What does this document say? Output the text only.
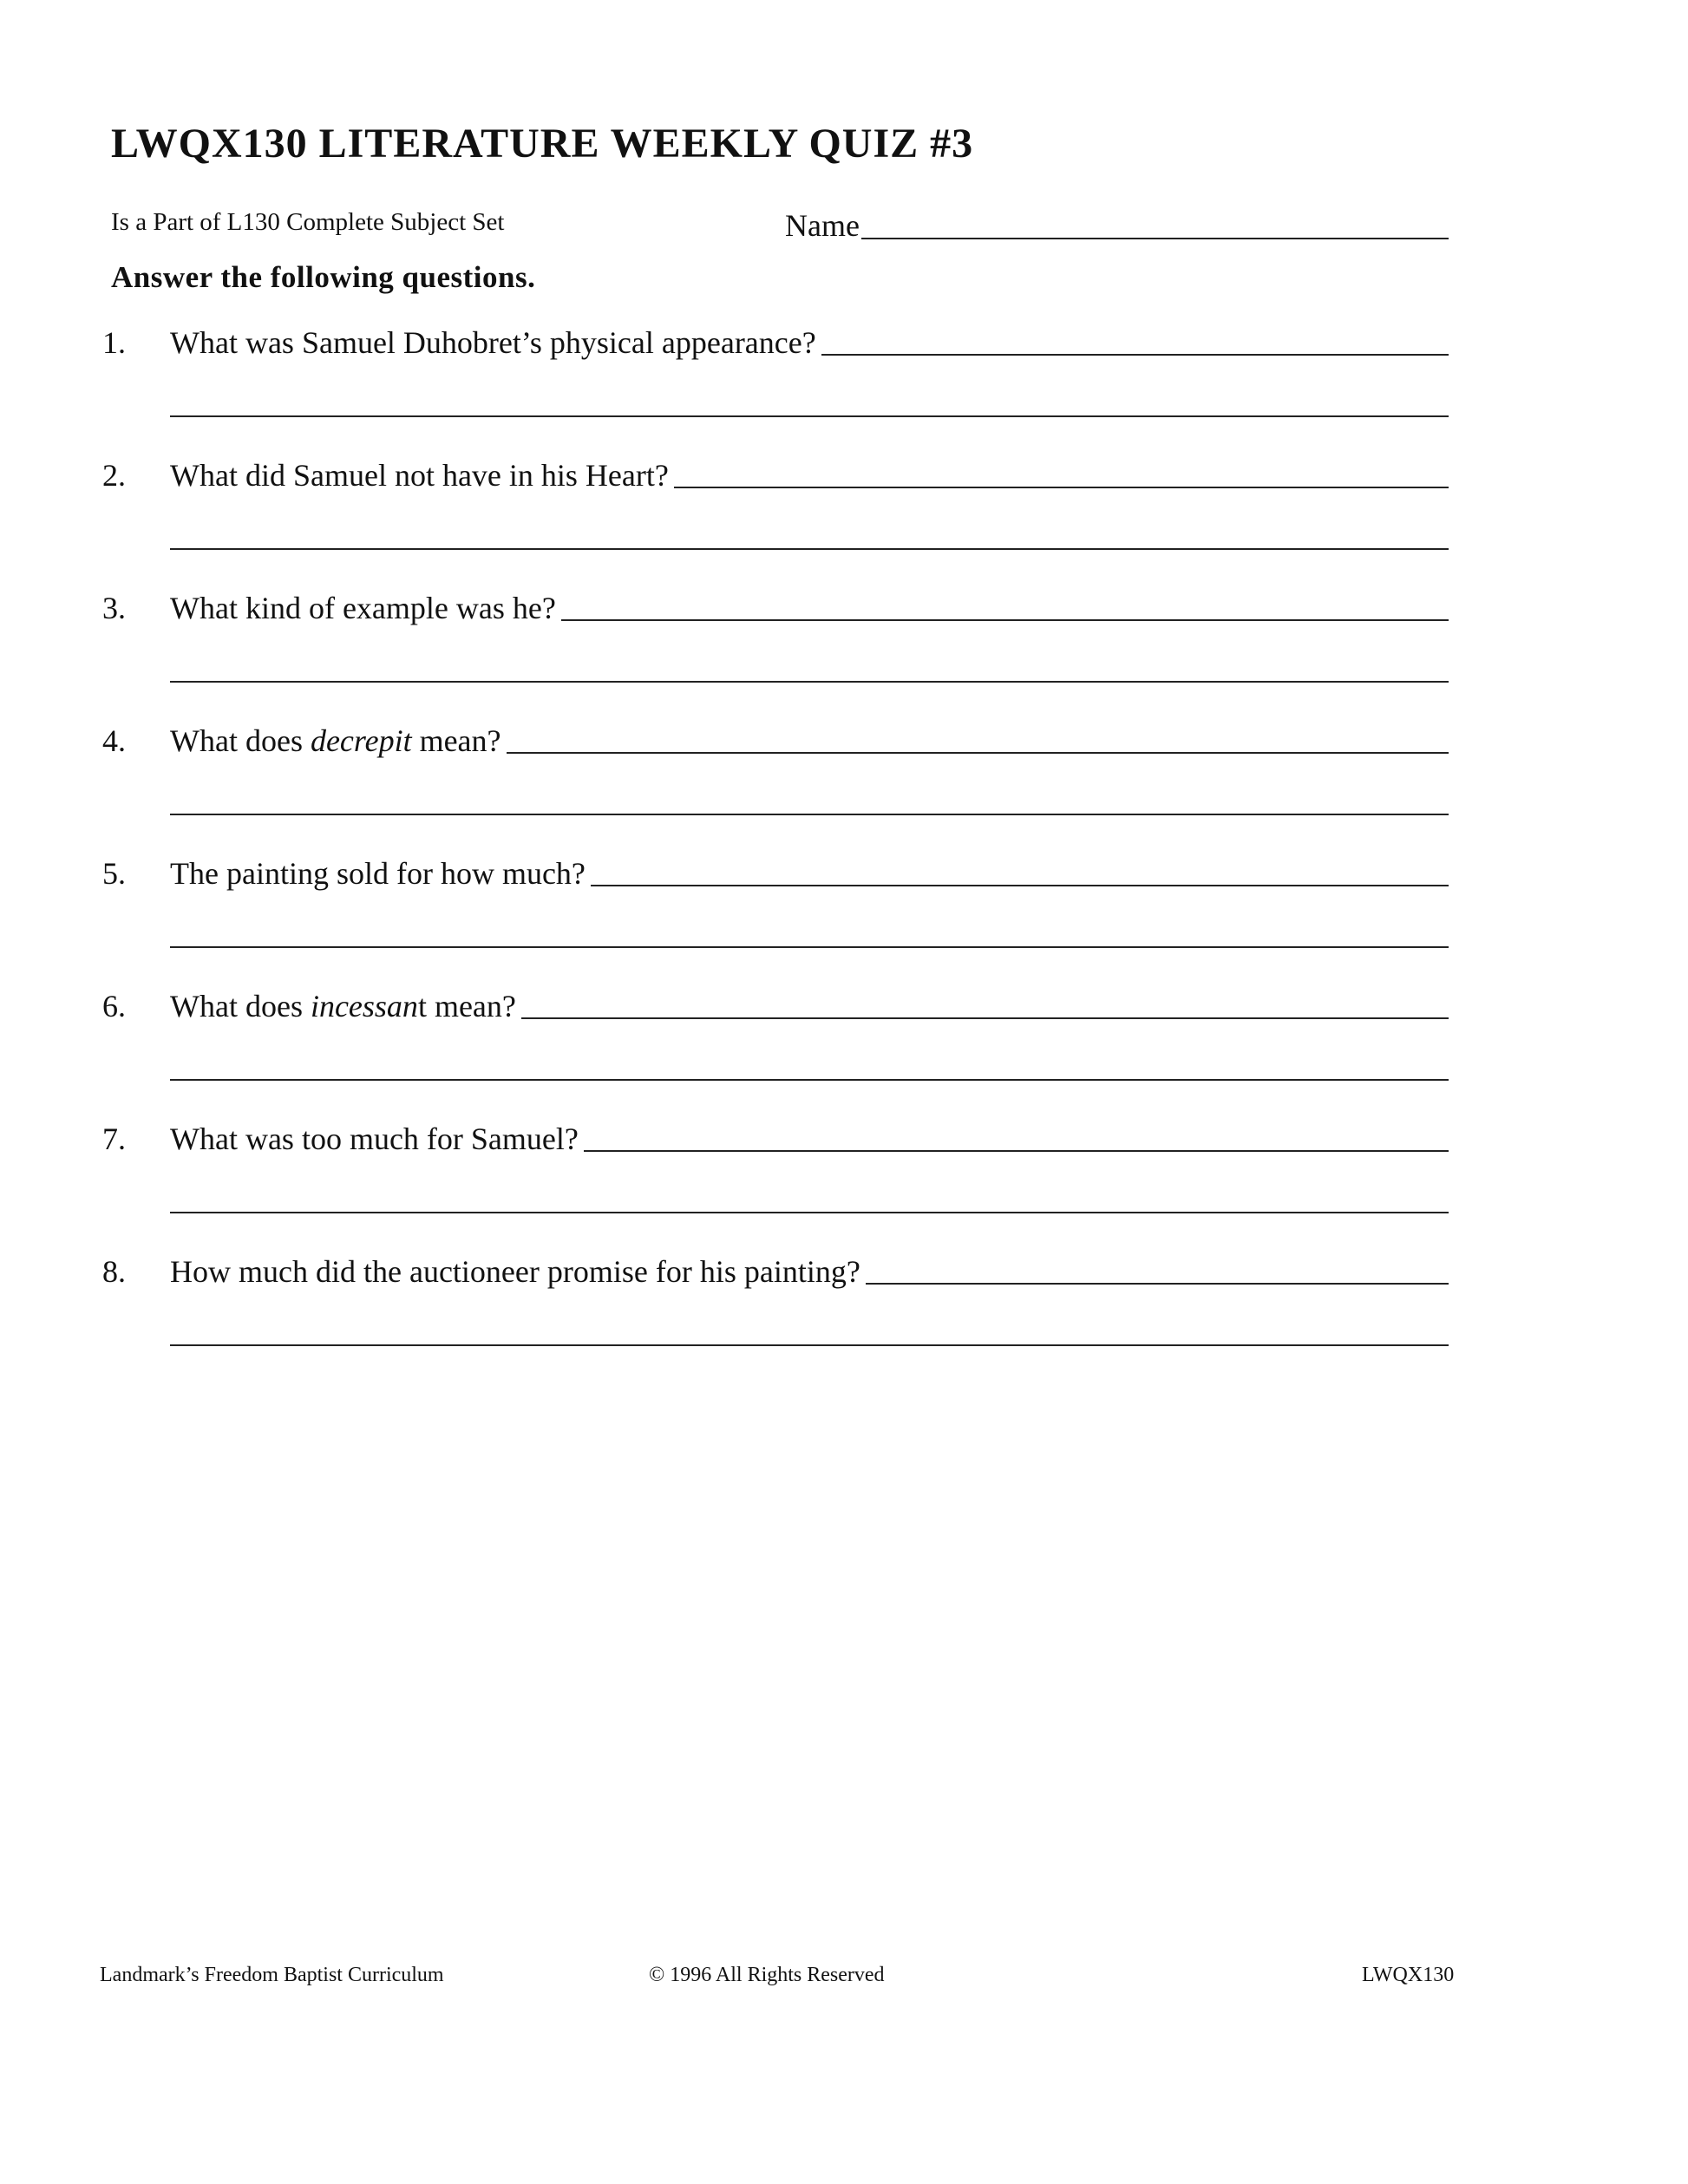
LWQX130 LITERATURE WEEKLY QUIZ #3
Is a Part of L130 Complete Subject Set	Name
Answer the following questions.
1.	What was Samuel Duhobret’s physical appearance?
2.	What did Samuel not have in his Heart?
3.	What kind of example was he?
4.	What does decrepit mean?
5.	The painting sold for how much?
6.	What does incessant mean?
7.	What was too much for Samuel?
8.	How much did the auctioneer promise for his painting?
Landmark’s Freedom Baptist Curriculum	© 1996 All Rights Reserved	LWQX130
